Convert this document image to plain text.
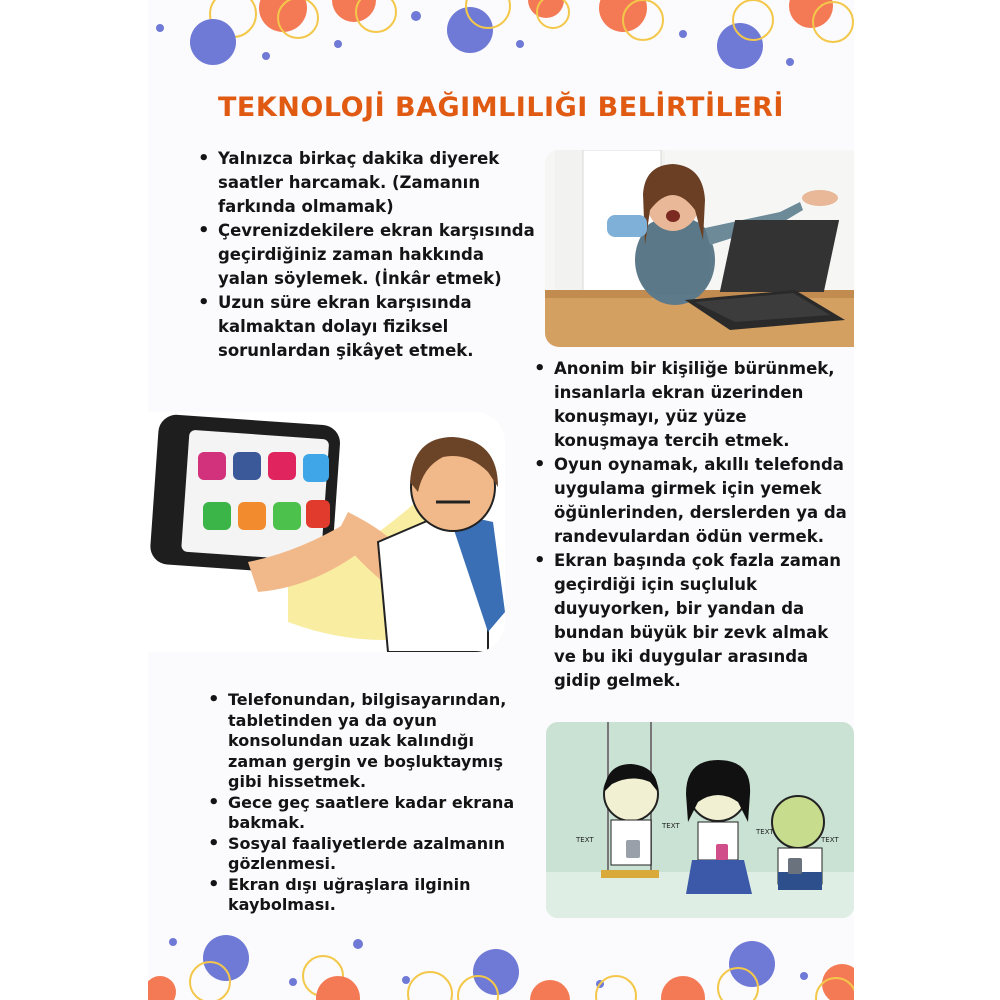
TEKNOLOJİ BAĞIMLILIĞI BELİRTİLERİ
• Yalnızca birkaç dakika diyerek saatler harcamak. (Zamanın farkında olmamak)
• Çevrenizdekilere ekran karşısında geçirdiğiniz zaman hakkında yalan söylemek. (İnkâr etmek)
• Uzun süre ekran karşısında kalmaktan dolayı fiziksel sorunlardan şikâyet etmek.
• Anonim bir kişiliğe bürünmek, insanlarla ekran üzerinden konuşmayı, yüz yüze konuşmaya tercih etmek.
• Oyun oynamak, akıllı telefonda uygulama girmek için yemek öğünlerinden, derslerden ya da randevulardan ödün vermek.
• Ekran başında çok fazla zaman geçirdiği için suçluluk duyuyorken, bir yandan da bundan büyük bir zevk almak ve bu iki duygular arasında gidip gelmek.
• Telefonundan, bilgisayarından, tabletinden ya da oyun konsolundan uzak kalındığı zaman gergin ve boşluktaymış gibi hissetmek.
• Gece geç saatlere kadar ekrana bakmak.
• Sosyal faaliyetlerde azalmanın gözlenmesi.
• Ekran dışı uğraşlara ilginin kaybolması.
TEXT
TEXT
TEXT
TEXT
